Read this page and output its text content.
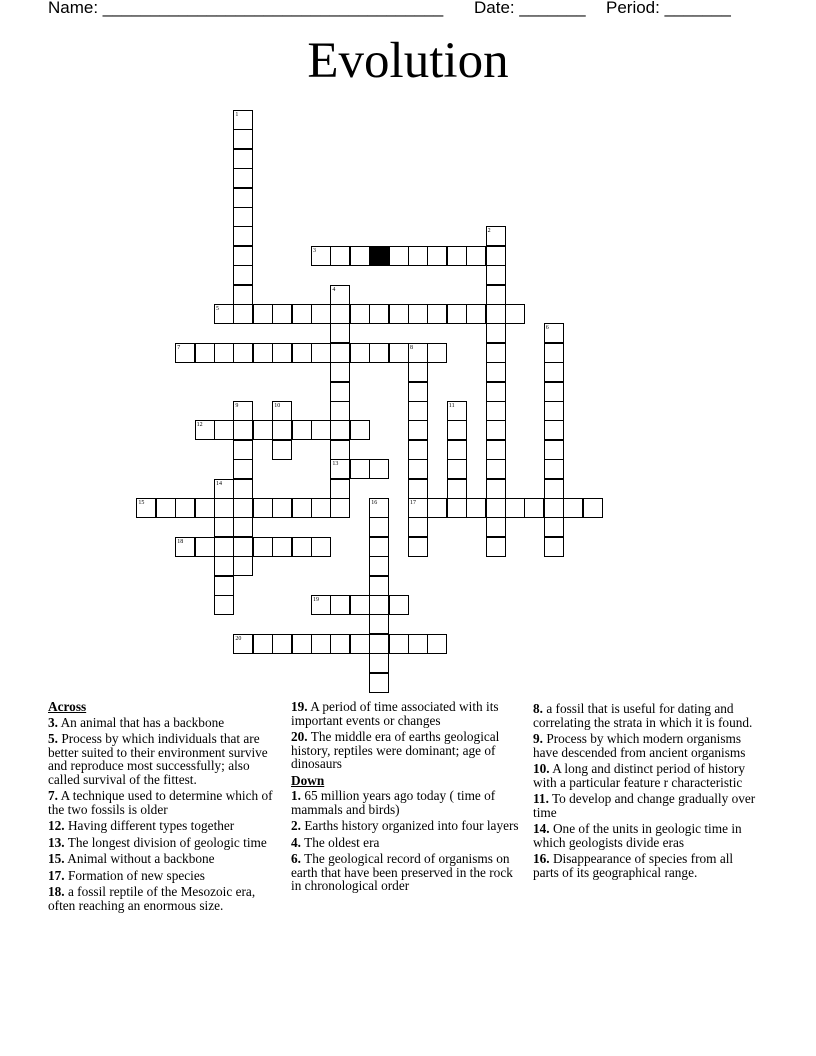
Name: ____________________________________ Date: _______ Period: _______
Evolution
1
2
3
4
5
6
7	8
9	10	11
12
13
14
15	16	17
18
19
20
Across
3. An animal that has a backbone
5. Process by which individuals that are better suited to their environment survive and reproduce most successfully; also called survival of the fittest.
7. A technique used to determine which of the two fossils is older
12. Having different types together
13. The longest division of geologic time
15. Animal without a backbone
17. Formation of new species
18. a fossil reptile of the Mesozoic era, often reaching an enormous size.
19. A period of time associated with its important events or changes
20. The middle era of earths geological history, reptiles were dominant; age of dinosaurs
Down
1. 65 million years ago today ( time of mammals and birds)
2. Earths history organized into four layers
4. The oldest era
6. The geological record of organisms on earth that have been preserved in the rock in chronological order
8. a fossil that is useful for dating and correlating the strata in which it is found.
9. Process by which modern organisms have descended from ancient organisms
10. A long and distinct period of history with a particular feature r characteristic
11. To develop and change gradually over time
14. One of the units in geologic time in which geologists divide eras
16. Disappearance of species from all parts of its geographical range.
